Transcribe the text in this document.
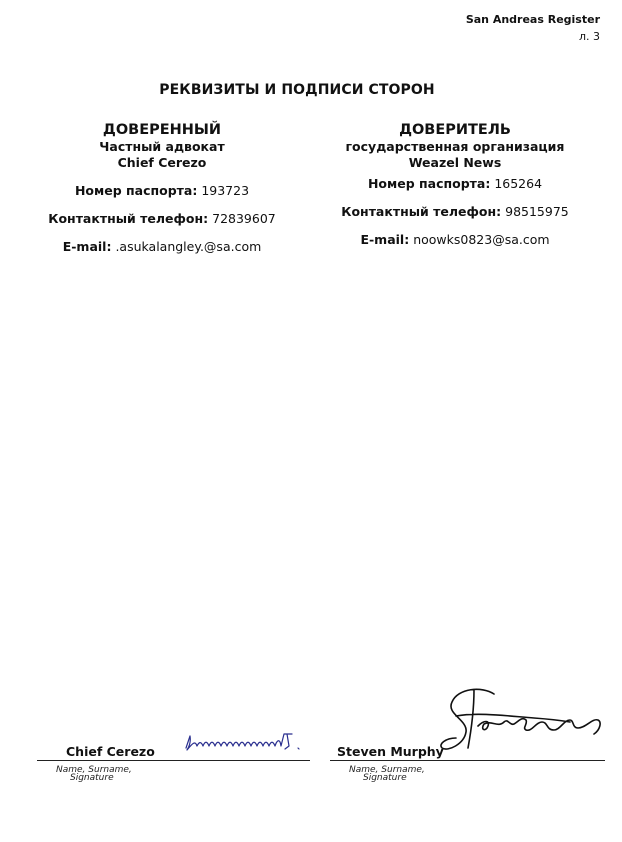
San Andreas Register
л. 3
РЕКВИЗИТЫ И ПОДПИСИ СТОРОН
ДОВЕРЕННЫЙ
Частный адвокат
Chief Cerezo
Номер паспорта: 193723
Контактный телефон: 72839607
E-mail: .asukalangley.@sa.com
ДОВЕРИТЕЛЬ
государственная организация
Weazel News
Номер паспорта: 165264
Контактный телефон: 98515975
E-mail: noowks0823@sa.com
Chief Cerezo
Name, Surname,
Signature
Steven Murphy
Name, Surname,
Signature
